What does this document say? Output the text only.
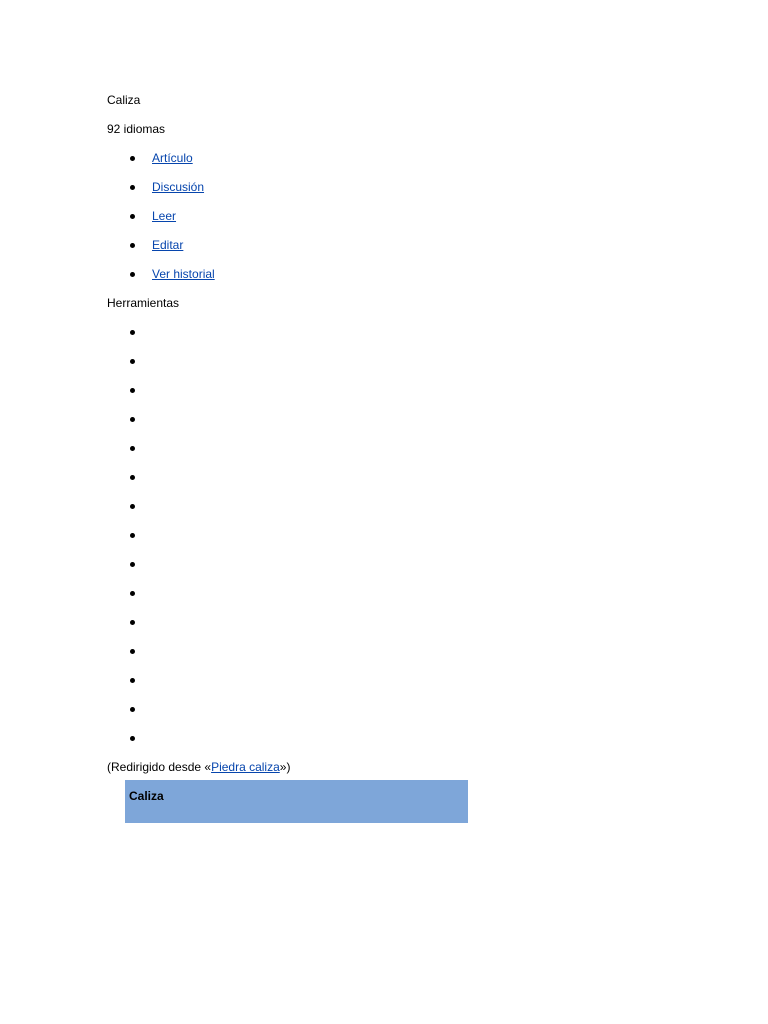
Caliza
92 idiomas
Artículo
Discusión
Leer
Editar
Ver historial
Herramientas
(Redirigido desde «Piedra caliza»)
Caliza
